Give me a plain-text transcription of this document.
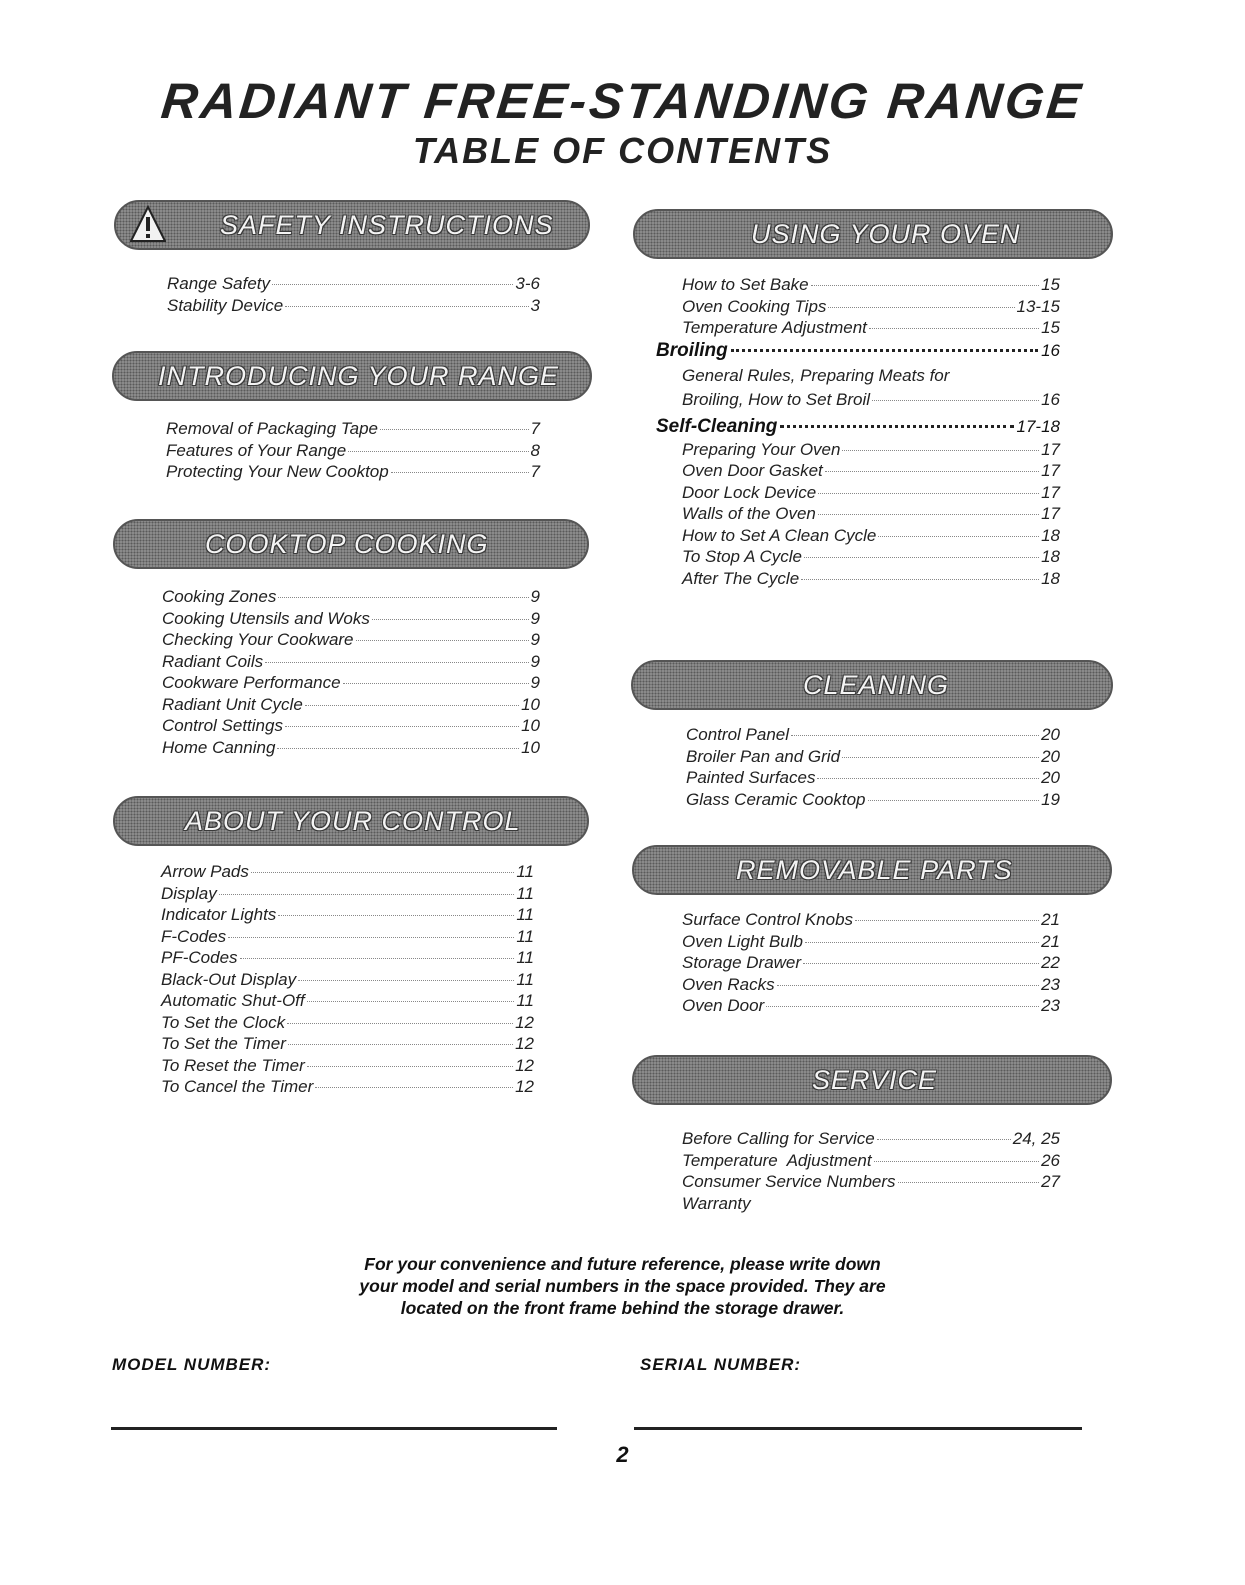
RADIANT FREE-STANDING RANGE
TABLE OF CONTENTS
SAFETY INSTRUCTIONS
Range Safety	3-6
Stability Device	3
INTRODUCING YOUR RANGE
Removal of Packaging Tape	7
Features of Your Range	8
Protecting Your New Cooktop	7
COOKTOP COOKING
Cooking Zones	9
Cooking Utensils and Woks	9
Checking Your Cookware	9
Radiant Coils	9
Cookware Performance	9
Radiant Unit Cycle	10
Control Settings	10
Home Canning	10
ABOUT YOUR CONTROL
Arrow Pads	11
Display	11
Indicator Lights	11
F-Codes	11
PF-Codes	11
Black-Out Display	11
Automatic Shut-Off	11
To Set the Clock	12
To Set the Timer	12
To Reset the Timer	12
To Cancel the Timer	12
USING YOUR OVEN
How to Set Bake	15
Oven Cooking Tips	13-15
Temperature Adjustment	15
Broiling	16
General Rules, Preparing Meats for
Broiling, How to Set Broil	16
Self-Cleaning	17-18
Preparing Your Oven	17
Oven Door Gasket	17
Door Lock Device	17
Walls of the Oven	17
How to Set A Clean Cycle	18
To Stop A Cycle	18
After The Cycle	18
CLEANING
Control Panel	20
Broiler Pan and Grid	20
Painted Surfaces	20
Glass Ceramic Cooktop	19
REMOVABLE PARTS
Surface Control Knobs	21
Oven Light Bulb	21
Storage Drawer	22
Oven Racks	23
Oven Door	23
SERVICE
Before Calling for Service	24, 25
Temperature  Adjustment	26
Consumer Service Numbers	27
Warranty
For your convenience and future reference, please write down
your model and serial numbers in the space provided. They are
located on the front frame behind the storage drawer.
MODEL NUMBER:	SERIAL NUMBER:
2
